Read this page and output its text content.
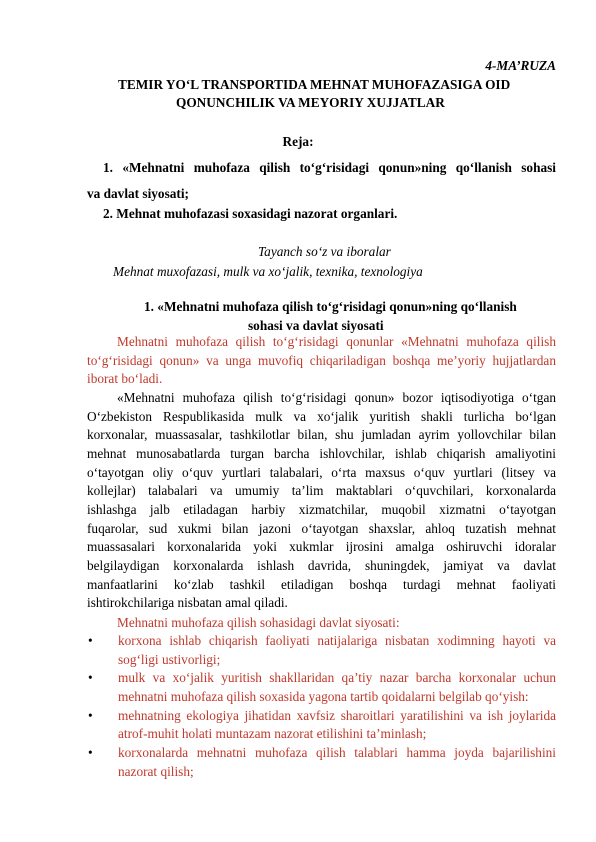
4-MA’RUZA
TEMIR YO‘L TRANSPORTIDA MEHNAT MUHOFAZASIGA OID
QONUNCHILIK VA MEYORIY XUJJATLAR
Reja:
1. «Mehnatni muhofaza qilish to‘g‘risidagi qonun»ning qo‘llanish sohasi
va davlat siyosati;
2. Mehnat muhofazasi soxasidagi nazorat organlari.
Tayanch so‘z va iboralar
Mehnat muxofazasi, mulk va xo‘jalik, texnika, texnologiya
1. «Mehnatni muhofaza qilish to‘g‘risidagi qonun»ning qo‘llanish
sohasi va davlat siyosati
Mehnatni muhofaza qilish to‘g‘risidagi qonunlar «Mehnatni muhofaza qilish
to‘g‘risidagi qonun» va unga muvofiq chiqariladigan boshqa me’yoriy hujjatlardan
iborat bo‘ladi.
«Mehnatni muhofaza qilish to‘g‘risidagi qonun» bozor iqtisodiyotiga o‘tgan
O‘zbekiston Respublikasida mulk va xo‘jalik yuritish shakli turlicha bo‘lgan
korxonalar, muassasalar, tashkilotlar bilan, shu jumladan ayrim yollovchilar bilan
mehnat munosabatlarda turgan barcha ishlovchilar, ishlab chiqarish amaliyotini
o‘tayotgan oliy o‘quv yurtlari talabalari, o‘rta maxsus o‘quv yurtlari (litsey va
kollejlar) talabalari va umumiy ta’lim maktablari o‘quvchilari, korxonalarda
ishlashga jalb etiladagan harbiy xizmatchilar, muqobil xizmatni o‘tayotgan
fuqarolar, sud xukmi bilan jazoni o‘tayotgan shaxslar, ahloq tuzatish mehnat
muassasalari korxonalarida yoki xukmlar ijrosini amalga oshiruvchi idoralar
belgilaydigan korxonalarda ishlash davrida, shuningdek, jamiyat va davlat
manfaatlarini ko‘zlab tashkil etiladigan boshqa turdagi mehnat faoliyati
ishtirokchilariga nisbatan amal qiladi.
Mehnatni muhofaza qilish sohasidagi davlat siyosati:
• korxona ishlab chiqarish faoliyati natijalariga nisbatan xodimning hayoti va
sog‘ligi ustivorligi;
• mulk va xo‘jalik yuritish shakllaridan qa’tiy nazar barcha korxonalar uchun
mehnatni muhofaza qilish soxasida yagona tartib qoidalarni belgilab qo‘yish:
• mehnatning ekologiya jihatidan xavfsiz sharoitlari yaratilishini va ish joylarida
atrof-muhit holati muntazam nazorat etilishini ta’minlash;
• korxonalarda mehnatni muhofaza qilish talablari hamma joyda bajarilishini
nazorat qilish;
